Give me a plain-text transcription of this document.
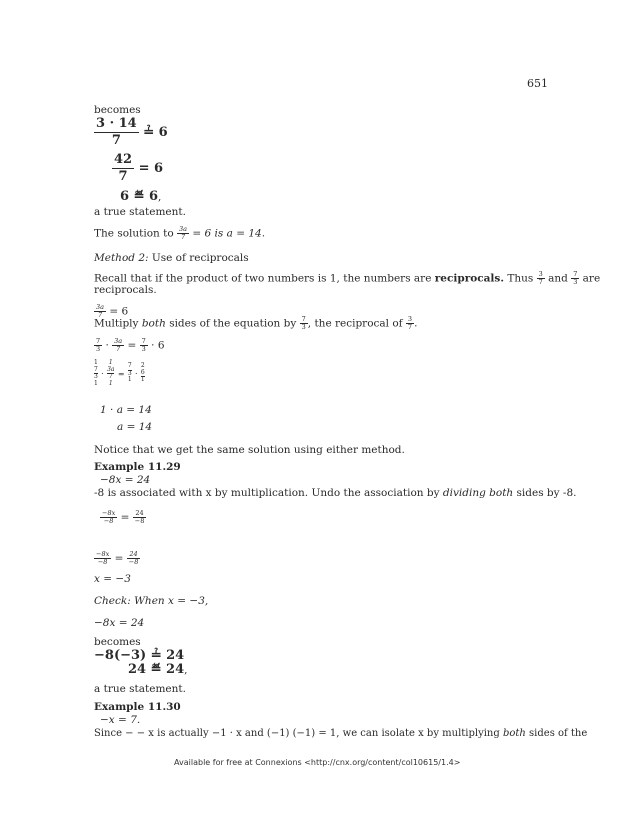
651
becomes
$\frac{3 \cdot 14}{7}$ ≟ 6
$\frac{42}{7} = 6$
6 ≝ 6,
a true statement.
The solution to $\frac{3a}{7} = 6$ is a = 14.
Method 2: Use of reciprocals
Recall that if the product of two numbers is 1, the numbers are reciprocals. Thus $\frac{3}{7}$ and $\frac{7}{3}$ are
reciprocals.
$\frac{3a}{7} = 6$
Multiply both sides of the equation by $\frac{7}{3}$ , the reciprocal of $\frac{3}{7}$ .
$\frac{7}{3} \cdot \frac{3a}{7} = \frac{7}{3} \cdot 6$
1
7
3
1
·
1
3a
7
1
=
7
3
1
·
2
6
1
1 · a = 14
a = 14
Notice that we get the same solution using either method.
Example 11.29
−8x = 24
-8 is associated with x by multiplication. Undo the association by dividing both sides by -8.
$\frac{-8x}{-8} = \frac{24}{-8}$
$\frac{-8x}{-8} = \frac{24}{-8}$
x = −3
Check: When x = −3,
−8x = 24
becomes
−8(−3) ≟ 24
24 ≝ 24,
a true statement.
Example 11.30
−x = 7.
Since − − x is actually −1 · x and (−1) (−1) = 1, we can isolate x by multiplying both sides of the
Available for free at Connexions <http://cnx.org/content/col10615/1.4>
